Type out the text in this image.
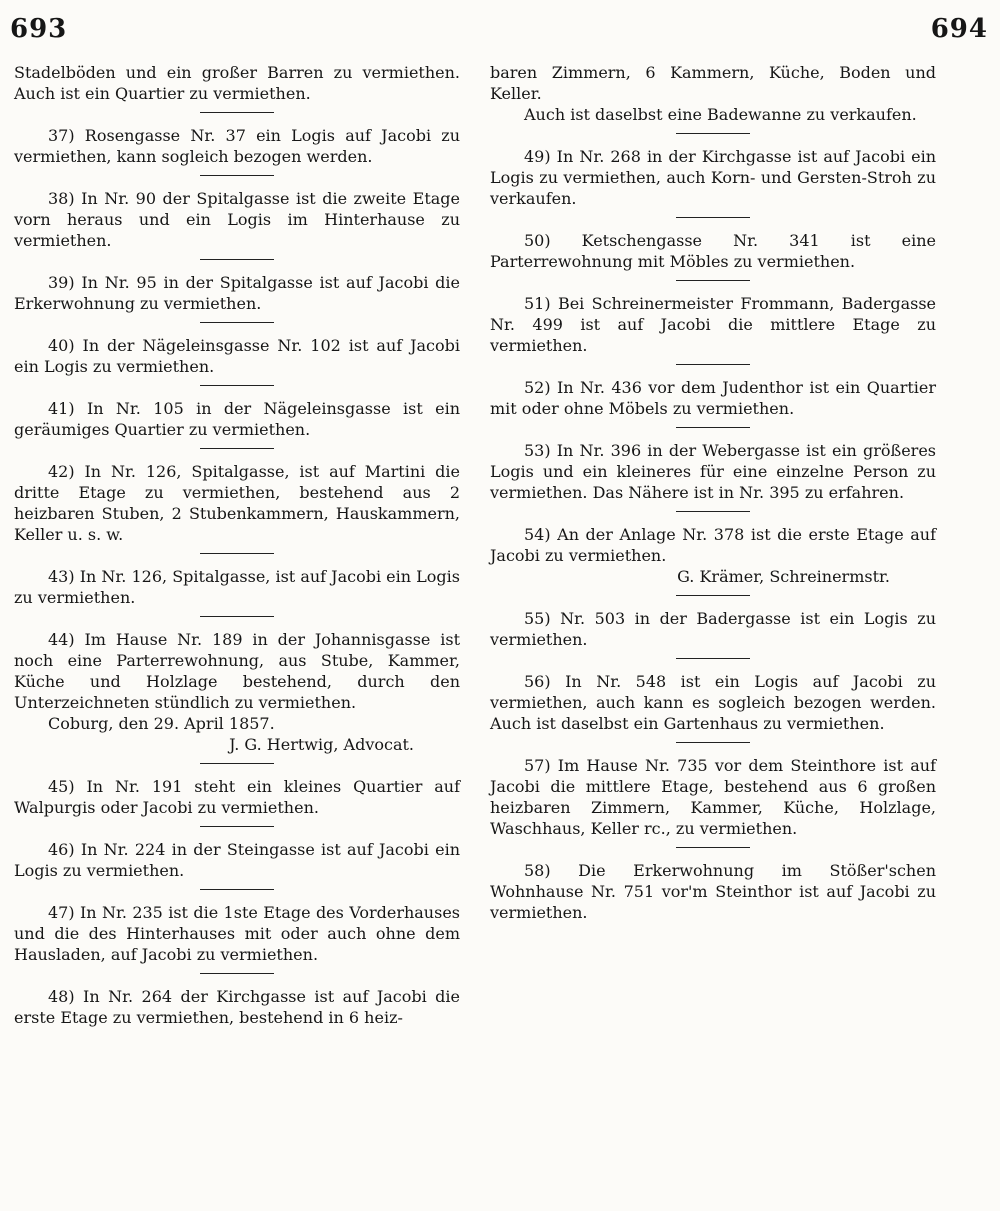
693	694

Stadelböden und ein großer Barren zu vermiethen. Auch ist ein Quartier zu vermiethen.

37) Rosengasse Nr. 37 ein Logis auf Jacobi zu vermiethen, kann sogleich bezogen werden.

38) In Nr. 90 der Spitalgasse ist die zweite Etage vorn heraus und ein Logis im Hinterhause zu vermiethen.

39) In Nr. 95 in der Spitalgasse ist auf Jacobi die Erkerwohnung zu vermiethen.

40) In der Nägeleinsgasse Nr. 102 ist auf Jacobi ein Logis zu vermiethen.

41) In Nr. 105 in der Nägeleinsgasse ist ein geräumiges Quartier zu vermiethen.

42) In Nr. 126, Spitalgasse, ist auf Martini die dritte Etage zu vermiethen, bestehend aus 2 heizbaren Stuben, 2 Stubenkammern, Hauskammern, Keller u. s. w.

43) In Nr. 126, Spitalgasse, ist auf Jacobi ein Logis zu vermiethen.

44) Im Hause Nr. 189 in der Johannisgasse ist noch eine Parterrewohnung, aus Stube, Kammer, Küche und Holzlage bestehend, durch den Unterzeichneten stündlich zu vermiethen.

Coburg, den 29. April 1857.

J. G. Hertwig, Advocat.

45) In Nr. 191 steht ein kleines Quartier auf Walpurgis oder Jacobi zu vermiethen.

46) In Nr. 224 in der Steingasse ist auf Jacobi ein Logis zu vermiethen.

47) In Nr. 235 ist die 1ste Etage des Vorderhauses und die des Hinterhauses mit oder auch ohne dem Hausladen, auf Jacobi zu vermiethen.

48) In Nr. 264 der Kirchgasse ist auf Jacobi die erste Etage zu vermiethen, bestehend in 6 heiz-

baren Zimmern, 6 Kammern, Küche, Boden und Keller.

Auch ist daselbst eine Badewanne zu verkaufen.

49) In Nr. 268 in der Kirchgasse ist auf Jacobi ein Logis zu vermiethen, auch Korn- und Gersten-Stroh zu verkaufen.

50) Ketschengasse Nr. 341 ist eine Parterrewohnung mit Möbles zu vermiethen.

51) Bei Schreinermeister Frommann, Badergasse Nr. 499 ist auf Jacobi die mittlere Etage zu vermiethen.

52) In Nr. 436 vor dem Judenthor ist ein Quartier mit oder ohne Möbels zu vermiethen.

53) In Nr. 396 in der Webergasse ist ein größeres Logis und ein kleineres für eine einzelne Person zu vermiethen. Das Nähere ist in Nr. 395 zu erfahren.

54) An der Anlage Nr. 378 ist die erste Etage auf Jacobi zu vermiethen.

G. Krämer, Schreinermstr.

55) Nr. 503 in der Badergasse ist ein Logis zu vermiethen.

56) In Nr. 548 ist ein Logis auf Jacobi zu vermiethen, auch kann es sogleich bezogen werden. Auch ist daselbst ein Gartenhaus zu vermiethen.

57) Im Hause Nr. 735 vor dem Steinthore ist auf Jacobi die mittlere Etage, bestehend aus 6 großen heizbaren Zimmern, Kammer, Küche, Holzlage, Waschhaus, Keller rc., zu vermiethen.

58) Die Erkerwohnung im Stößer'schen Wohnhause Nr. 751 vor'm Steinthor ist auf Jacobi zu vermiethen.
